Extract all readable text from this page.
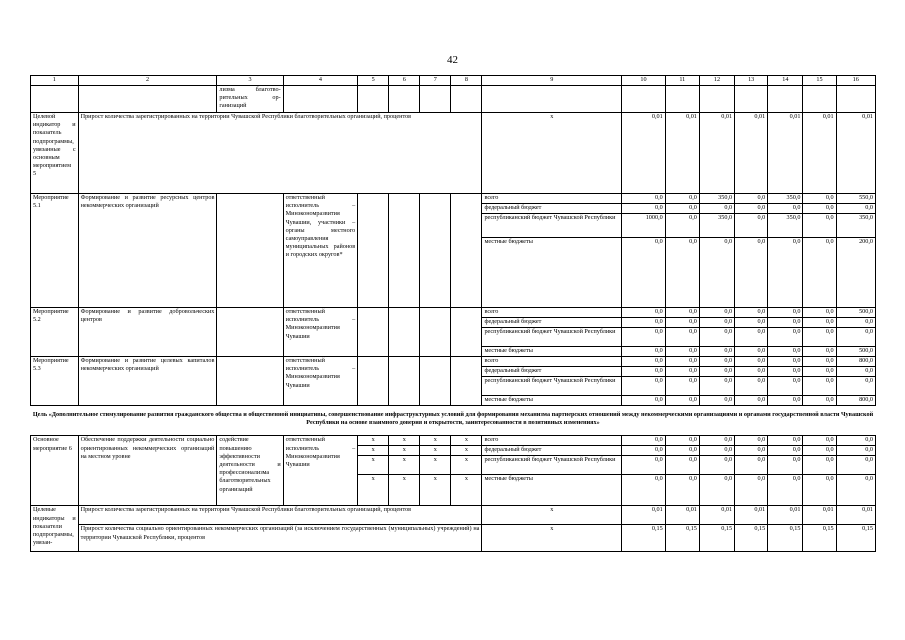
42
1	2	3	4	5	6	7	8	9	10	11	12	13	14	15	16
		лизма благотво-рительных ор-ганизаций													
Целевой индикатор и показатель подпрограммы, увязанные с основным мероприятием 5	Прирост количества зарегистрированных на территории Чувашской Республики благотворительных организаций, процентов							х	0,01	0,01	0,01	0,01	0,01	0,01	0,01
Мероприятие 5.1	Формирование и развитие ресурсных центров некоммерческих организаций		ответственный исполнитель – Минэкономразвития Чувашии, участники – органы местного самоуправления муниципальных районов и городских округов*					всего	0,0	0,0	350,0	0,0	350,0	0,0	550,0
								федеральный бюджет	0,0	0,0	0,0	0,0	0,0	0,0	0,0
								республиканский бюджет Чувашской Республики	1000,0	0,0	350,0	0,0	350,0	0,0	350,0
								местные бюджеты	0,0	0,0	0,0	0,0	0,0	0,0	200,0
Мероприятие 5.2	Формирование и развитие добровольческих центров		ответственный исполнитель – Минэкономразвития Чувашии					всего	0,0	0,0	0,0	0,0	0,0	0,0	500,0
								федеральный бюджет	0,0	0,0	0,0	0,0	0,0	0,0	0,0
								республиканский бюджет Чувашской Республики	0,0	0,0	0,0	0,0	0,0	0,0	0,0
								местные бюджеты	0,0	0,0	0,0	0,0	0,0	0,0	500,0
Мероприятие 5.3	Формирование и развитие целевых капиталов некоммерческих организаций		ответственный исполнитель – Минэкономразвития Чувашии					всего	0,0	0,0	0,0	0,0	0,0	0,0	800,0
								федеральный бюджет	0,0	0,0	0,0	0,0	0,0	0,0	0,0
								республиканский бюджет Чувашской Республики	0,0	0,0	0,0	0,0	0,0	0,0	0,0
								местные бюджеты	0,0	0,0	0,0	0,0	0,0	0,0	800,0
Цель «Дополнительное стимулирование развития гражданского общества и общественной инициативы, совершенствование инфраструктурных условий для формирования механизма партнерских отношений между некоммерческими организациями и органами государственной власти Чувашской Республики на основе взаимного доверия и открытости, заинтересованности в позитивных изменениях»															
Основное мероприятие 6	Обеспечение поддержки деятельности социально ориентированных некоммерческих организаций на местном уровне	содействие повышению эффективности деятельности и профессионализма благотворительных организаций	ответственный исполнитель – Минэкономразвития Чувашии	х	х	х	х	всего	0,0	0,0	0,0	0,0	0,0	0,0	0,0
				х	х	х	х	федеральный бюджет	0,0	0,0	0,0	0,0	0,0	0,0	0,0
				х	х	х	х	республиканский бюджет Чувашской Республики	0,0	0,0	0,0	0,0	0,0	0,0	0,0
				х	х	х	х	местные бюджеты	0,0	0,0	0,0	0,0	0,0	0,0	0,0
Целевые индикаторы и показатели подпрограммы, увязан-	Прирост количества зарегистрированных на территории Чувашской Республики благотворительных организаций, процентов							х	0,01	0,01	0,01	0,01	0,01	0,01	0,01
	Прирост количества социально ориентированных некоммерческих организаций (за исключением государственных (муниципальных) учреждений) на территории Чувашской Республики, процентов							х	0,15	0,15	0,15	0,15	0,15	0,15	0,15
